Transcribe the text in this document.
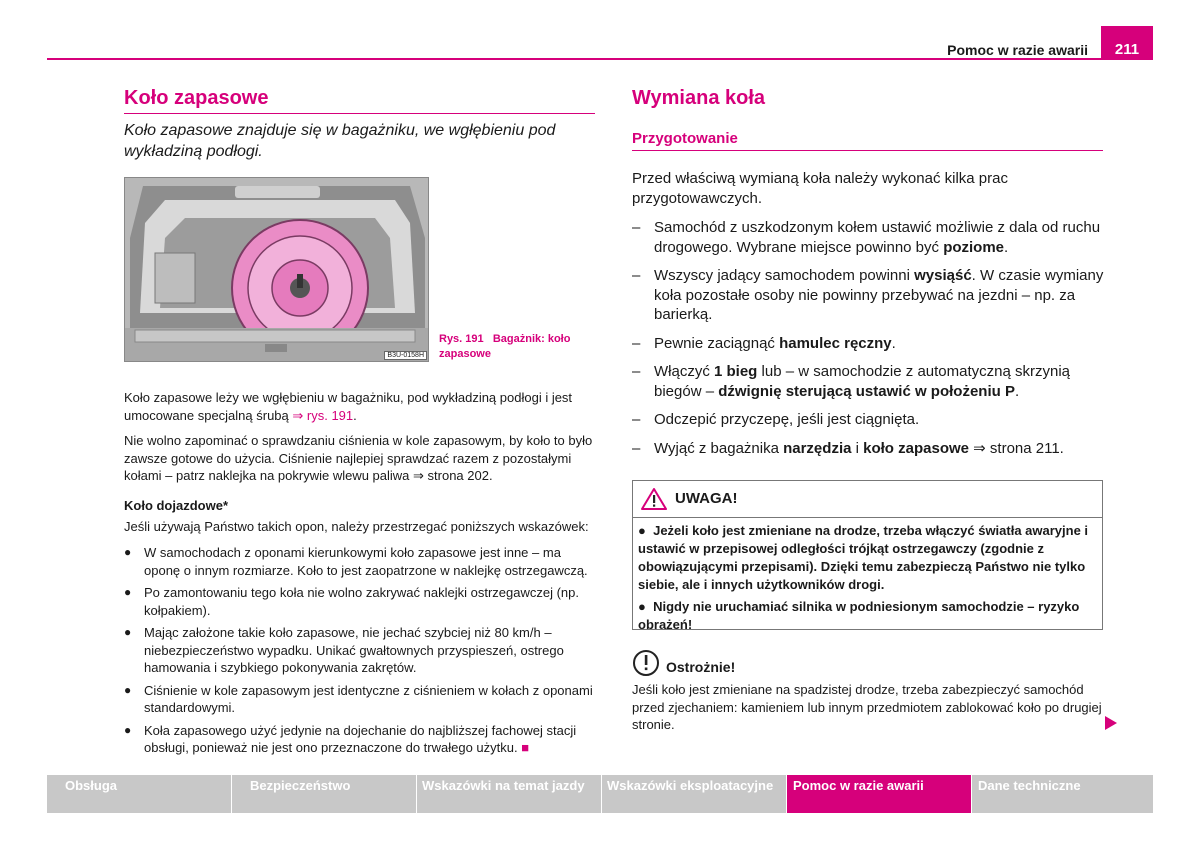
Pomoc w razie awarii	211
Koło zapasowe

Koło zapasowe znajduje się w bagażniku, we wgłębieniu pod wykładziną podłogi.

B3U-0158H
Rys. 191 Bagażnik: koło zapasowe

Koło zapasowe leży we wgłębieniu w bagażniku, pod wykładziną podłogi i jest umocowane specjalną śrubą ⇒ rys. 191.

Nie wolno zapominać o sprawdzaniu ciśnienia w kole zapasowym, by koło to było zawsze gotowe do użycia. Ciśnienie najlepiej sprawdzać razem z pozostałymi kołami – patrz naklejka na pokrywie wlewu paliwa ⇒ strona 202.

Koło dojazdowe*

Jeśli używają Państwo takich opon, należy przestrzegać poniższych wskazówek:

● W samochodach z oponami kierunkowymi koło zapasowe jest inne – ma oponę o innym rozmiarze. Koło to jest zaopatrzone w naklejkę ostrzegawczą.
● Po zamontowaniu tego koła nie wolno zakrywać naklejki ostrzegawczej (np. kołpakiem).
● Mając założone takie koło zapasowe, nie jechać szybciej niż 80 km/h – niebezpieczeństwo wypadku. Unikać gwałtownych przyspieszeń, ostrego hamowania i szybkiego pokonywania zakrętów.
● Ciśnienie w kole zapasowym jest identyczne z ciśnieniem w kołach z oponami standardowymi.
● Koła zapasowego użyć jedynie na dojechanie do najbliższej fachowej stacji obsługi, ponieważ nie jest ono przeznaczone do trwałego użytku. ■
Wymiana koła

Przygotowanie

Przed właściwą wymianą koła należy wykonać kilka prac przygotowawczych.

– Samochód z uszkodzonym kołem ustawić możliwie z dala od ruchu drogowego. Wybrane miejsce powinno być poziome.
– Wszyscy jadący samochodem powinni wysiąść. W czasie wymiany koła pozostałe osoby nie powinny przebywać na jezdni – np. za barierką.
– Pewnie zaciągnąć hamulec ręczny.
– Włączyć 1 bieg lub – w samochodzie z automatyczną skrzynią biegów – dźwignię sterującą ustawić w położeniu P.
– Odczepić przyczepę, jeśli jest ciągnięta.
– Wyjąć z bagażnika narzędzia i koło zapasowe ⇒ strona 211.
UWAGA!

● Jeżeli koło jest zmieniane na drodze, trzeba włączyć światła awaryjne i ustawić w przepisowej odległości trójkąt ostrzegawczy (zgodnie z obowiązującymi przepisami). Dzięki temu zabezpieczą Państwo nie tylko siebie, ale i innych użytkowników drogi.

● Nigdy nie uruchamiać silnika w podniesionym samochodzie – ryzyko obrażeń!

Ostrożnie!

Jeśli koło jest zmieniane na spadzistej drodze, trzeba zabezpieczyć samochód przed zjechaniem: kamieniem lub innym przedmiotem zablokować koło po drugiej stronie.

Obsługa	Bezpieczeństwo	Wskazówki na temat jazdy	Wskazówki eksploatacyjne	Pomoc w razie awarii	Dane techniczne
